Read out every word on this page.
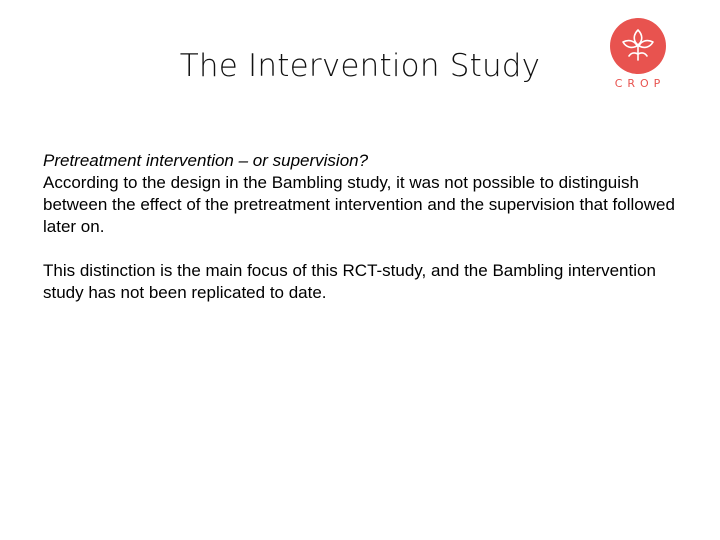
The Intervention Study	CROP

Pretreatment intervention – or supervision?

According to the design in the Bambling study, it was not possible to distinguish between the effect of the pretreatment intervention and the supervision that followed later on.

This distinction is the main focus of this RCT-study, and the Bambling intervention study has not been replicated to date.
